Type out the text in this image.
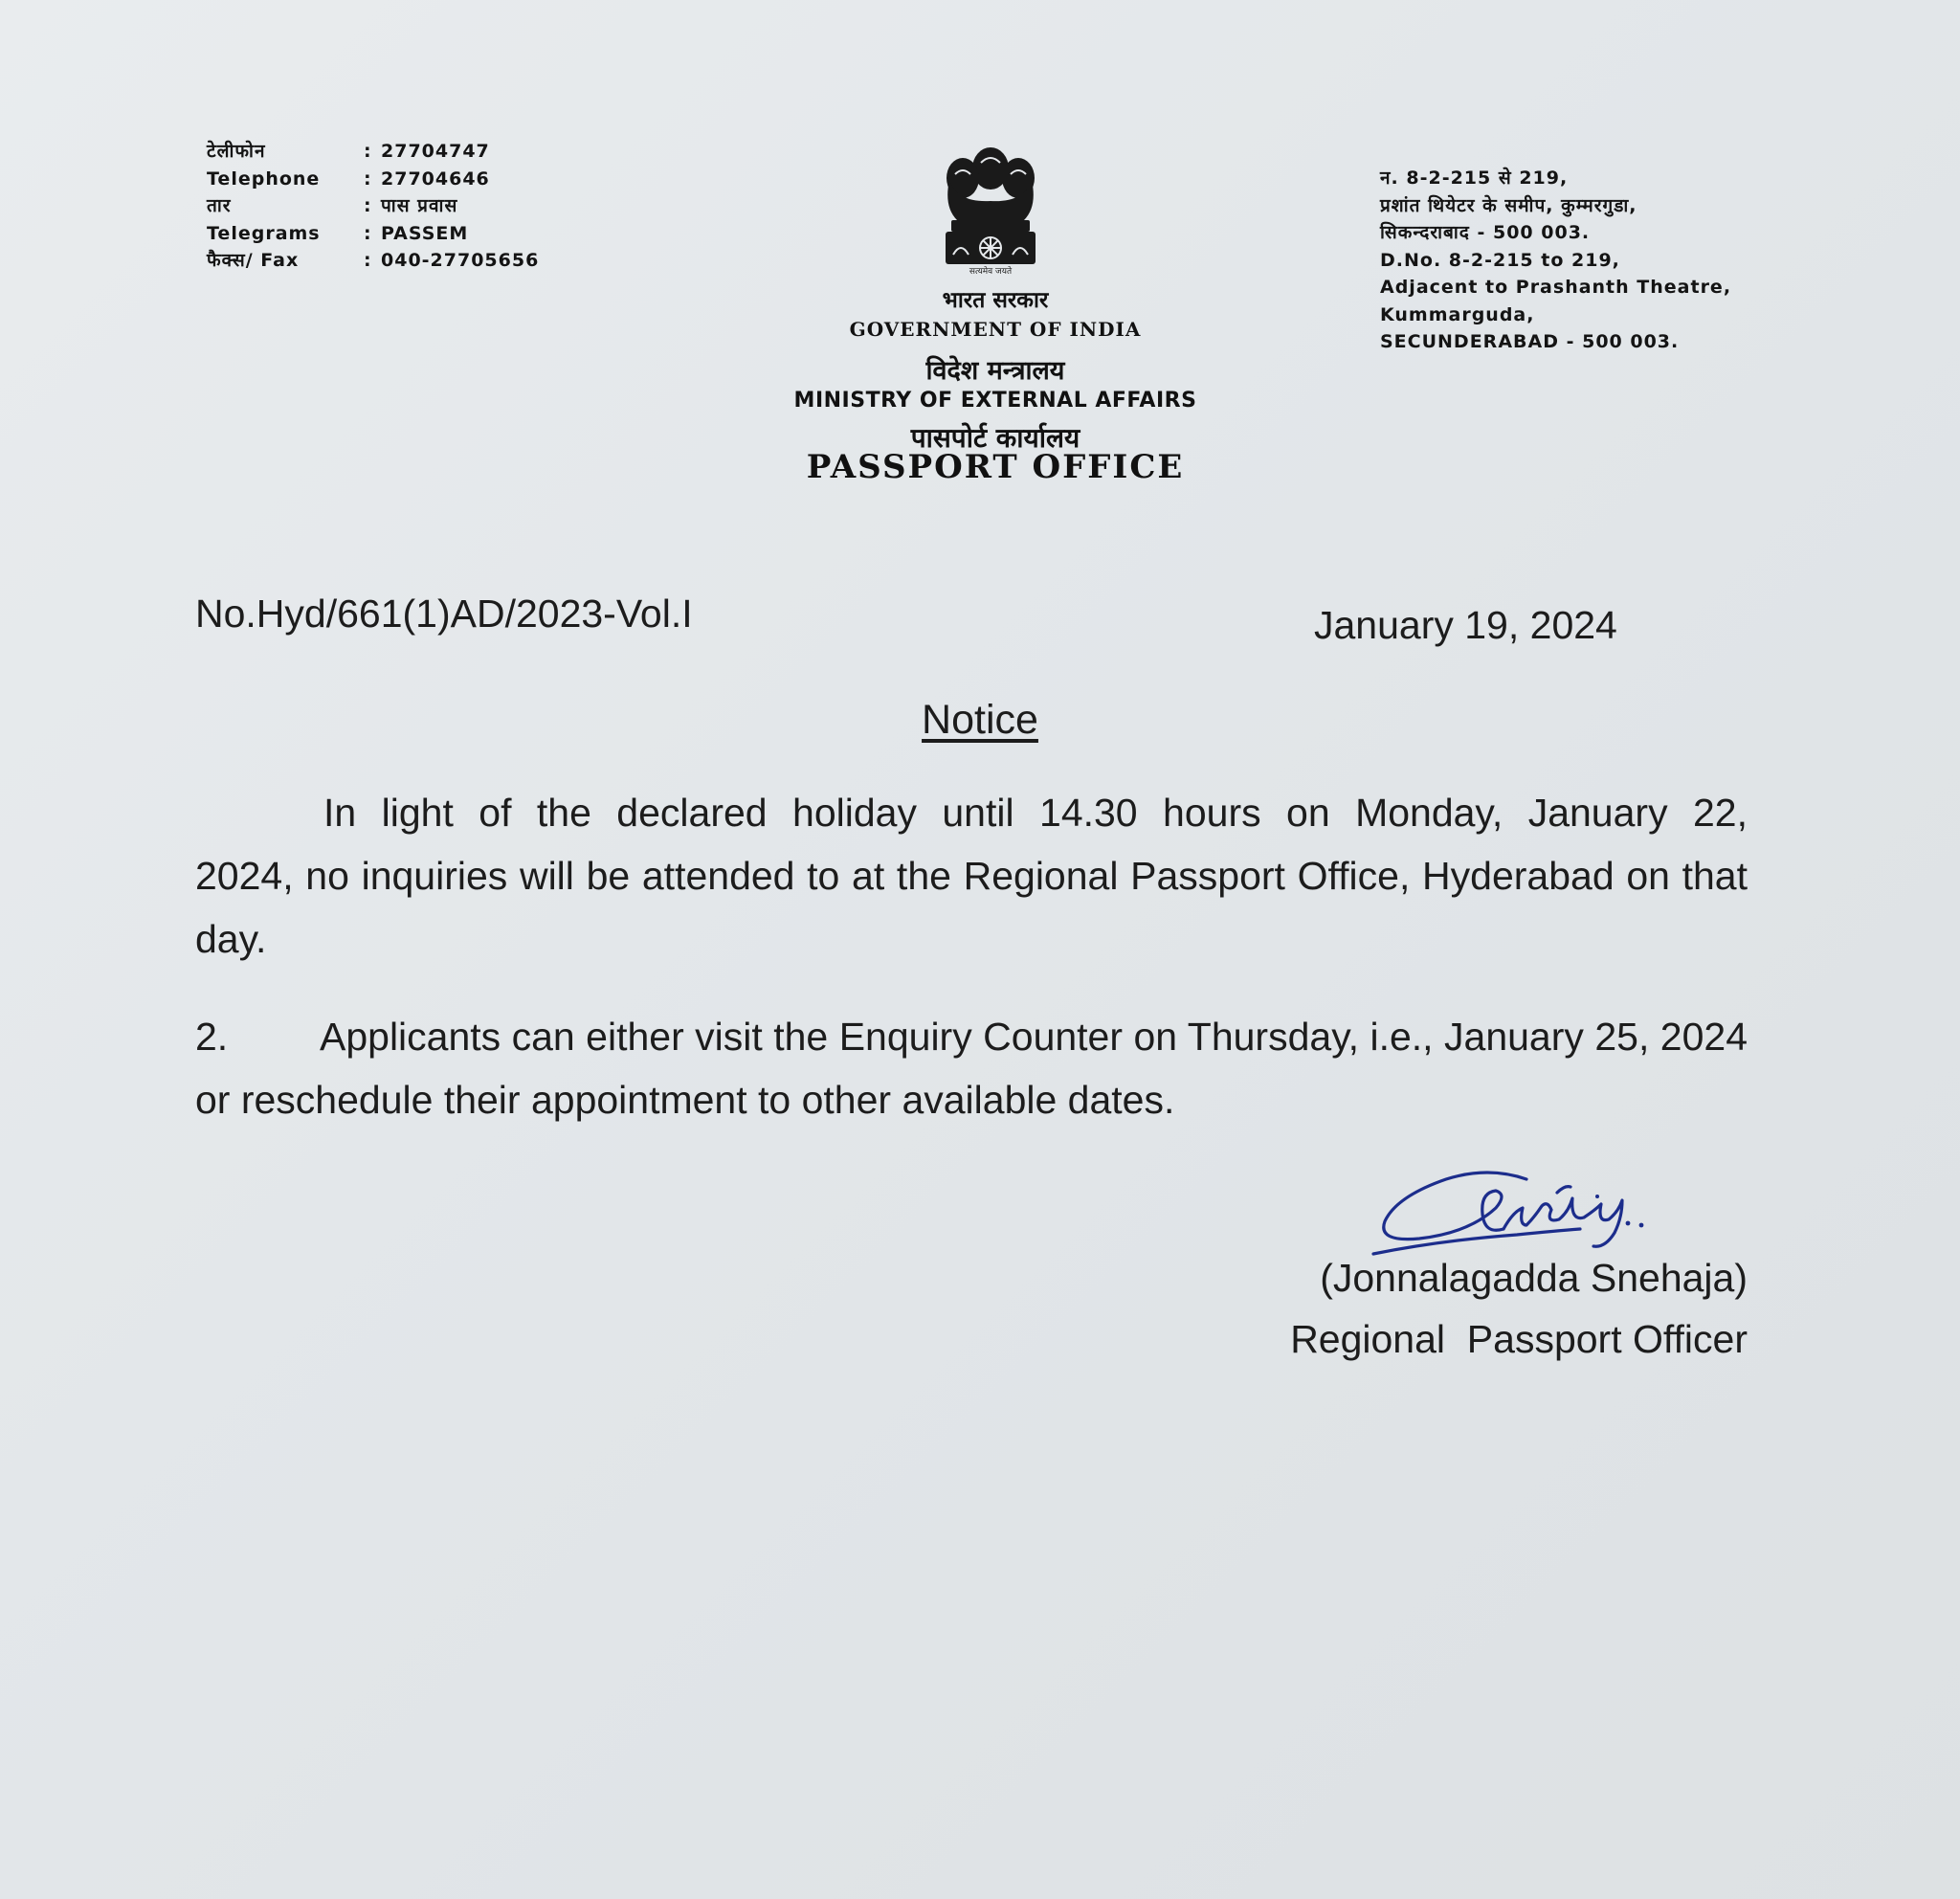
टेलीफोन	: 27704747
Telephone	: 27704646
तार	: पास प्रवास
Telegrams	: PASSEM
फैक्स/ Fax	: 040-27705656
सत्यमेव जयते
भारत सरकार
GOVERNMENT OF INDIA
विदेश मन्त्रालय
MINISTRY OF EXTERNAL AFFAIRS
पासपोर्ट कार्यालय
PASSPORT OFFICE
न. 8-2-215 से 219,
प्रशांत थियेटर के समीप, कुम्मरगुडा,
सिकन्दराबाद - 500 003.
D.No. 8-2-215 to 219,
Adjacent to Prashanth Theatre,
Kummarguda,
SECUNDERABAD - 500 003.
No.Hyd/661(1)AD/2023-Vol.I	January 19, 2024
Notice
In light of the declared holiday until 14.30 hours on Monday, January 22,
2024, no inquiries will be attended to at the Regional Passport Office, Hyderabad on that day.
2. Applicants can either visit the Enquiry Counter on Thursday, i.e., January 25, 2024 or reschedule their appointment to other available dates.
(Jonnalagadda Snehaja)
Regional  Passport Officer
